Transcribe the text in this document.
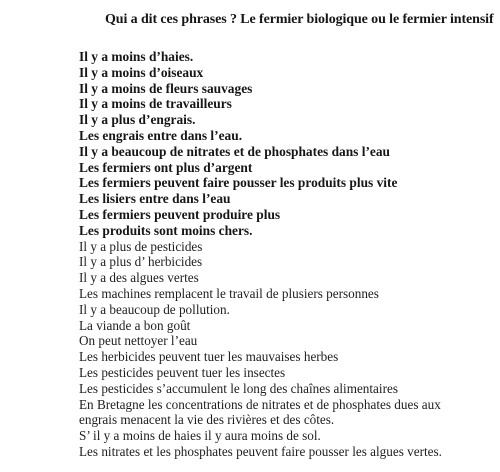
Qui a dit ces phrases ? Le fermier biologique ou le fermier intensif
Il y a moins d’haies.
Il y a moins d’oiseaux
Il y a moins de fleurs sauvages
Il y a moins de travailleurs
Il y a plus d’engrais.
Les engrais entre dans l’eau.
Il y a beaucoup de nitrates et de phosphates dans l’eau
Les fermiers ont plus d’argent
Les fermiers peuvent faire pousser les produits plus vite
Les lisiers entre dans l’eau
Les fermiers peuvent produire plus
Les produits sont moins chers.
Il y a plus de pesticides
Il y a plus d’ herbicides
Il y a des algues vertes
Les machines remplacent le travail de plusiers personnes
Il y a beaucoup de pollution.
La viande a bon goût
On peut nettoyer l’eau
Les herbicides peuvent tuer les mauvaises herbes
Les pesticides peuvent tuer les insectes
Les pesticides s’accumulent le long des chaînes alimentaires
En Bretagne les concentrations de nitrates et de phosphates dues aux
engrais menacent la vie des rivières et des côtes.
S’ il y a moins de haies il y aura moins de sol.
Les nitrates et les phosphates peuvent faire pousser les algues vertes.
